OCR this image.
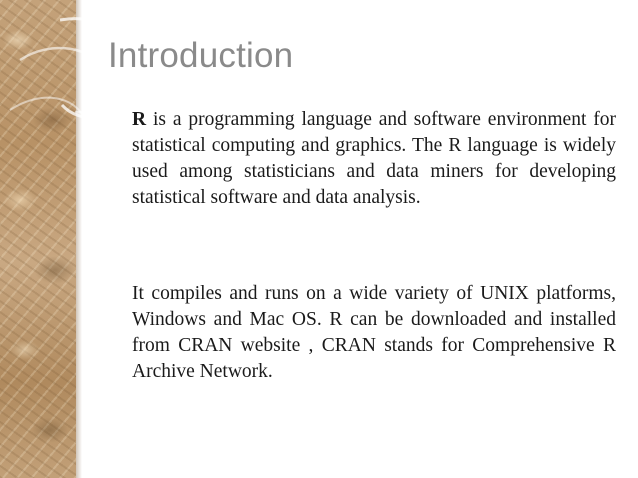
Introduction
R is a programming language and software environment for statistical computing and graphics. The R language is widely used among statisticians and data miners for developing statistical software and data analysis.
It compiles and runs on a wide variety of UNIX platforms, Windows and Mac OS. R can be downloaded and installed from CRAN website , CRAN stands for Comprehensive R Archive Network.
